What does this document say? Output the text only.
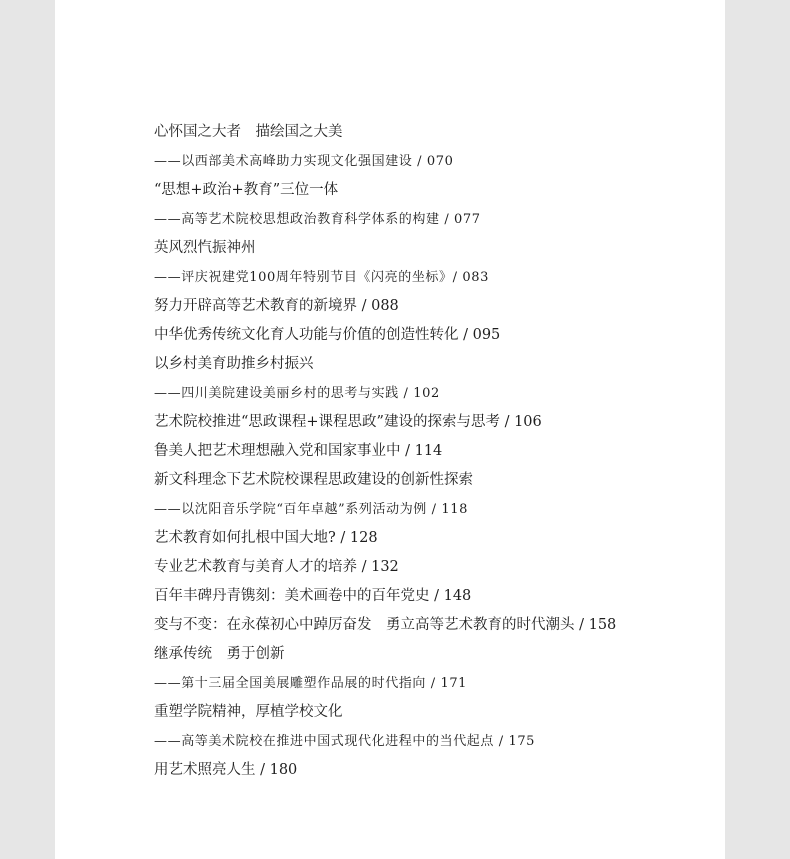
心怀国之大者　描绘国之大美
——以西部美术高峰助力实现文化强国建设 / 070
“思想+政治+教育”三位一体
——高等艺术院校思想政治教育科学体系的构建 / 077
英风烈忾振神州
——评庆祝建党100周年特别节目《闪亮的坐标》/ 083
努力开辟高等艺术教育的新境界 / 088
中华优秀传统文化育人功能与价值的创造性转化 / 095
以乡村美育助推乡村振兴
——四川美院建设美丽乡村的思考与实践 / 102
艺术院校推进“思政课程+课程思政”建设的探索与思考 / 106
鲁美人把艺术理想融入党和国家事业中 / 114
新文科理念下艺术院校课程思政建设的创新性探索
——以沈阳音乐学院“百年卓越”系列活动为例 / 118
艺术教育如何扎根中国大地? / 128
专业艺术教育与美育人才的培养 / 132
百年丰碑丹青镌刻：美术画卷中的百年党史 / 148
变与不变：在永葆初心中踔厉奋发　勇立高等艺术教育的时代潮头 / 158
继承传统　勇于创新
——第十三届全国美展雕塑作品展的时代指向 / 171
重塑学院精神，厚植学校文化
——高等美术院校在推进中国式现代化进程中的当代起点 / 175
用艺术照亮人生 / 180
